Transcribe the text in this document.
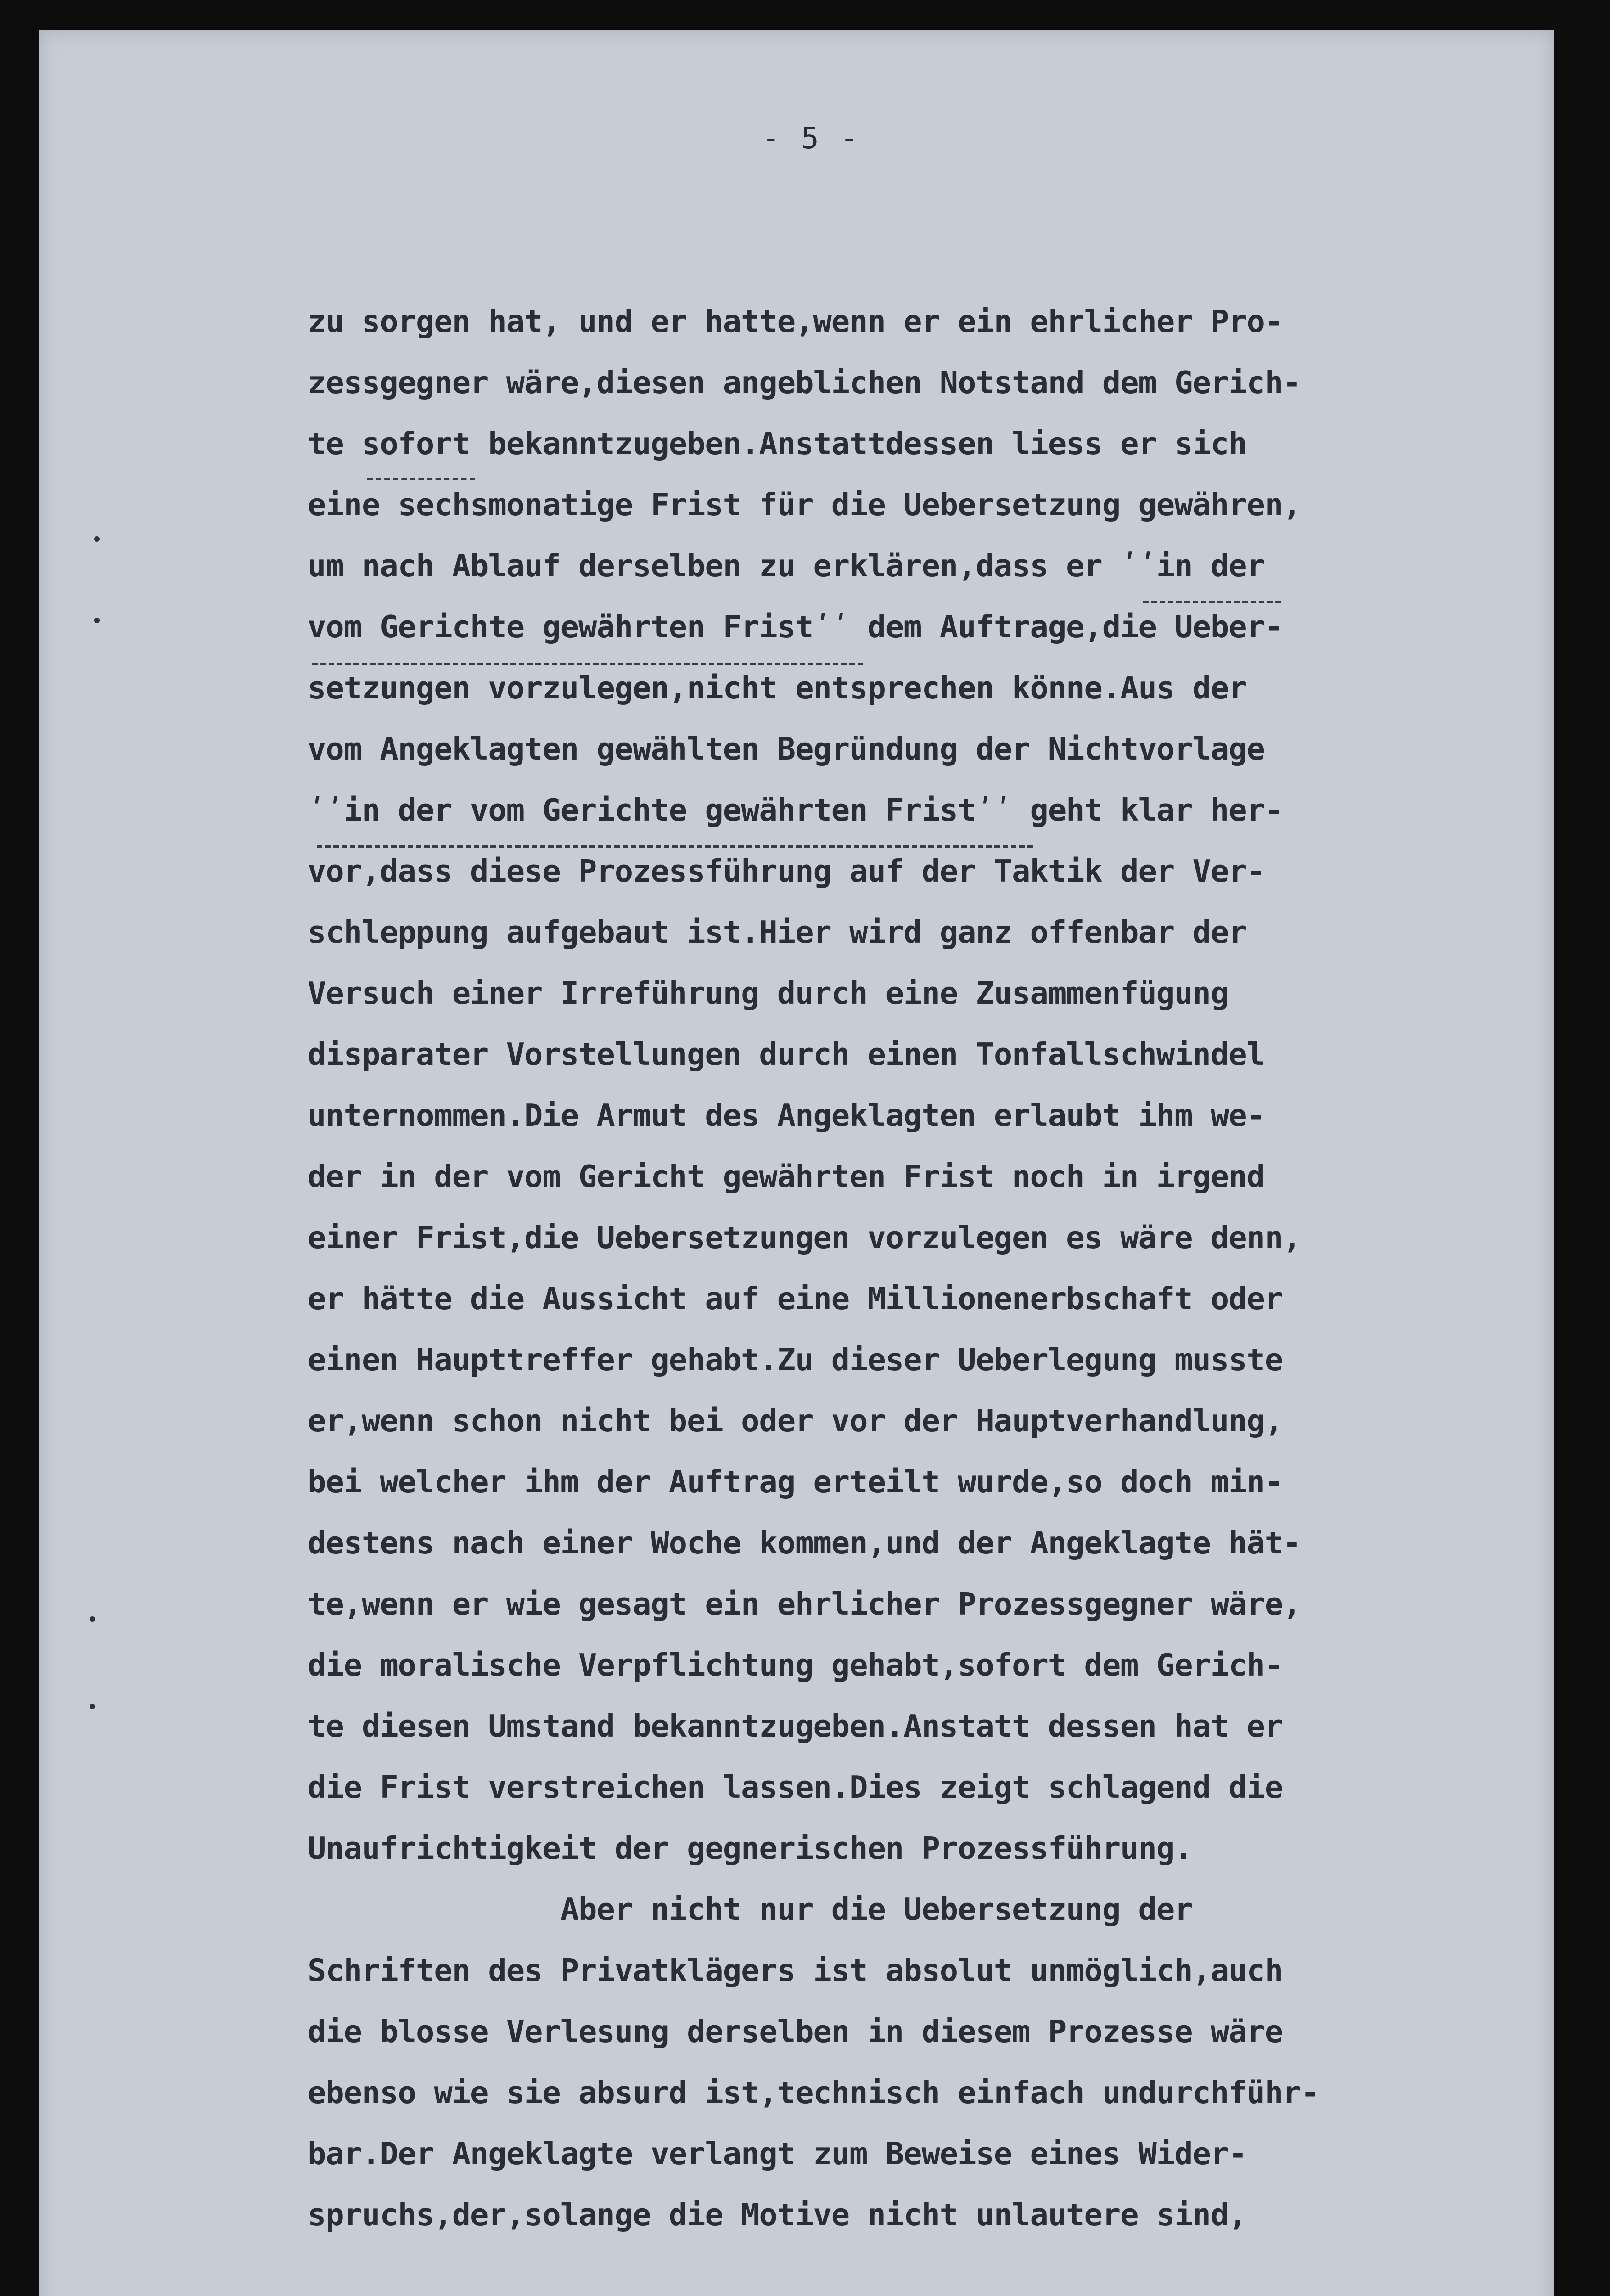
- 5 -
zu sorgen hat, und er hatte,wenn er ein ehrlicher Pro-
zessgegner wäre,diesen angeblichen Notstand dem Gerich-
te sofort bekanntzugeben.Anstattdessen liess er sich
eine sechsmonatige Frist für die Uebersetzung gewähren,
um nach Ablauf derselben zu erklären,dass er ʹʹin der
vom Gerichte gewährten Fristʹʹ dem Auftrage,die Ueber-
setzungen vorzulegen,nicht entsprechen könne.Aus der
vom Angeklagten gewählten Begründung der Nichtvorlage
ʹʹin der vom Gerichte gewährten Fristʹʹ geht klar her-
vor,dass diese Prozessführung auf der Taktik der Ver-
schleppung aufgebaut ist.Hier wird ganz offenbar der
Versuch einer Irreführung durch eine Zusammenfügung
disparater Vorstellungen durch einen Tonfallschwindel
unternommen.Die Armut des Angeklagten erlaubt ihm we-
der in der vom Gericht gewährten Frist noch in irgend
einer Frist,die Uebersetzungen vorzulegen es wäre denn,
er hätte die Aussicht auf eine Millionenerbschaft oder
einen Haupttreffer gehabt.Zu dieser Ueberlegung musste
er,wenn schon nicht bei oder vor der Hauptverhandlung,
bei welcher ihm der Auftrag erteilt wurde,so doch min-
destens nach einer Woche kommen,und der Angeklagte hät-
te,wenn er wie gesagt ein ehrlicher Prozessgegner wäre,
die moralische Verpflichtung gehabt,sofort dem Gerich-
te diesen Umstand bekanntzugeben.Anstatt dessen hat er
die Frist verstreichen lassen.Dies zeigt schlagend die
Unaufrichtigkeit der gegnerischen Prozessführung.
Aber nicht nur die Uebersetzung der
Schriften des Privatklägers ist absolut unmöglich,auch
die blosse Verlesung derselben in diesem Prozesse wäre
ebenso wie sie absurd ist,technisch einfach undurchführ-
bar.Der Angeklagte verlangt zum Beweise eines Wider-
spruchs,der,solange die Motive nicht unlautere sind,
